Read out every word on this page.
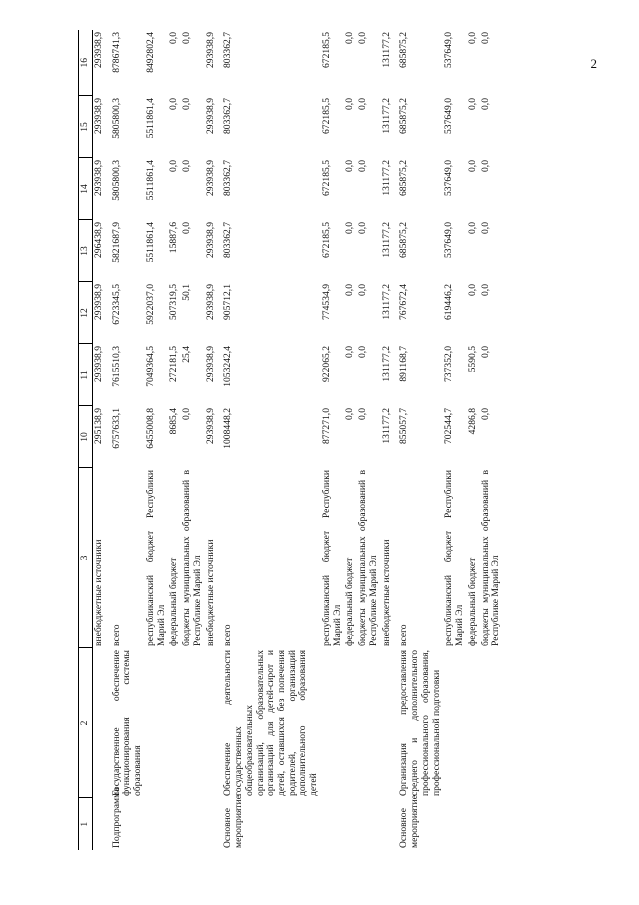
2
1	2	3	10	11	12	13	14	15	16
		внебюджетные источники	295138,9	293938,9	293938,9	296438,9	293938,9	293938,9	293938,9
Подпрограмма	Государственное обеспечение функционирования системы образования	всего	6757633,1	7615510,3	6723345,5	5821687,9	5805800,3	5805800,3	8786741,3
		республиканский бюджет Республики Марий Эл	6455008,8	7049364,5	5922037,0	5511861,4	5511861,4	5511861,4	8492802,4
		федеральный бюджет	8685,4	272181,5	507319,5	15887,6	0,0	0,0	0,0
		бюджеты муниципальных образований в Республике Марий Эл	0,0	25,4	50,1	0,0	0,0	0,0	0,0
		внебюджетные источники	293938,9	293938,9	293938,9	293938,9	293938,9	293938,9	293938,9
Основное мероприятие	Обеспечение деятельности государственных общеобразовательных организаций, образовательных организаций для детей-сирот и детей, оставшихся без попечения родителей, организаций дополнительного образования детей	всего	1008448,2	1053242,4	905712,1	803362,7	803362,7	803362,7	803362,7
		республиканский бюджет Республики Марий Эл	877271,0	922065,2	774534,9	672185,5	672185,5	672185,5	672185,5
		федеральный бюджет	0,0	0,0	0,0	0,0	0,0	0,0	0,0
		бюджеты муниципальных образований в Республике Марий Эл	0,0	0,0	0,0	0,0	0,0	0,0	0,0
		внебюджетные источники	131177,2	131177,2	131177,2	131177,2	131177,2	131177,2	131177,2
Основное мероприятие	Организация предоставления среднего и дополнительного профессионального образования, профессиональной подготовки	всего	855057,7	891168,7	767672,4	685875,2	685875,2	685875,2	685875,2
		республиканский бюджет Республики Марий Эл	702544,7	737352,0	619446,2	537649,0	537649,0	537649,0	537649,0
		федеральный бюджет	4286,8	5590,5	0,0	0,0	0,0	0,0	0,0
		бюджеты муниципальных образований в Республике Марий Эл	0,0	0,0	0,0	0,0	0,0	0,0	0,0
